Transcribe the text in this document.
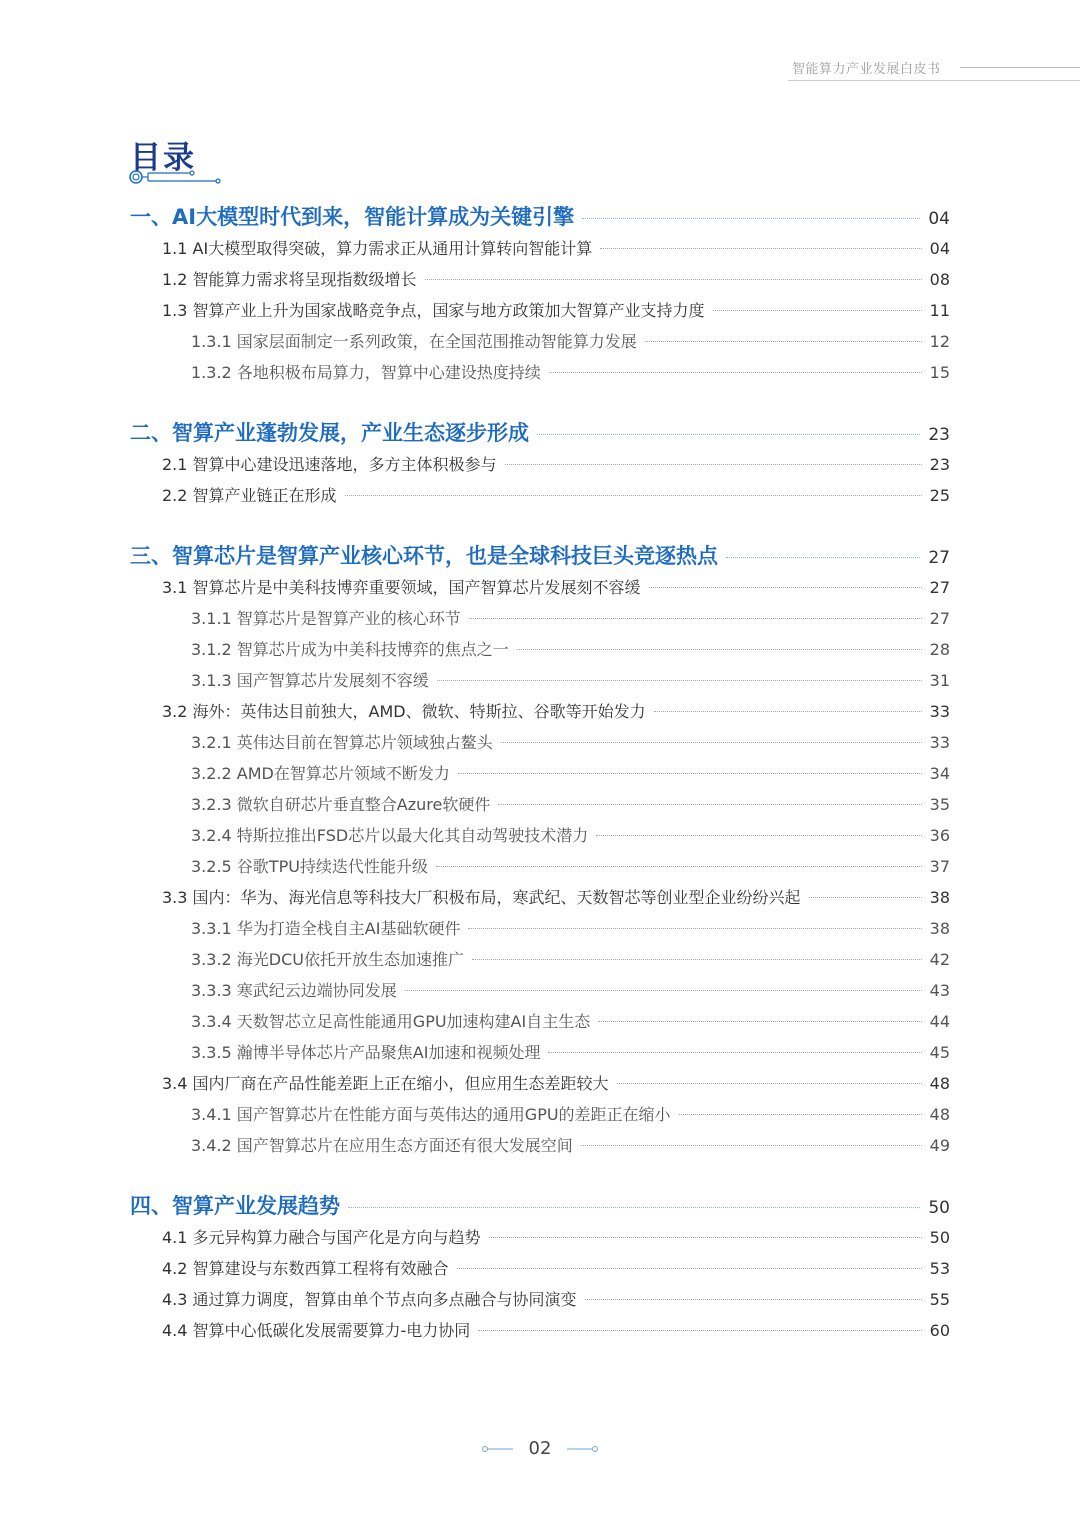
智能算力产业发展白皮书
目录
一、AI大模型时代到来，智能计算成为关键引擎	04
1.1 AI大模型取得突破，算力需求正从通用计算转向智能计算	04
1.2 智能算力需求将呈现指数级增长	08
1.3 智算产业上升为国家战略竞争点，国家与地方政策加大智算产业支持力度	11
1.3.1 国家层面制定一系列政策，在全国范围推动智能算力发展	12
1.3.2 各地积极布局算力，智算中心建设热度持续	15
二、智算产业蓬勃发展，产业生态逐步形成	23
2.1 智算中心建设迅速落地，多方主体积极参与	23
2.2 智算产业链正在形成	25
三、智算芯片是智算产业核心环节，也是全球科技巨头竞逐热点	27
3.1 智算芯片是中美科技博弈重要领域，国产智算芯片发展刻不容缓	27
3.1.1 智算芯片是智算产业的核心环节	27
3.1.2 智算芯片成为中美科技博弈的焦点之一	28
3.1.3 国产智算芯片发展刻不容缓	31
3.2 海外：英伟达目前独大，AMD、微软、特斯拉、谷歌等开始发力	33
3.2.1 英伟达目前在智算芯片领域独占鳌头	33
3.2.2 AMD在智算芯片领域不断发力	34
3.2.3 微软自研芯片垂直整合Azure软硬件	35
3.2.4 特斯拉推出FSD芯片以最大化其自动驾驶技术潜力	36
3.2.5 谷歌TPU持续迭代性能升级	37
3.3 国内：华为、海光信息等科技大厂积极布局，寒武纪、天数智芯等创业型企业纷纷兴起	38
3.3.1 华为打造全栈自主AI基础软硬件	38
3.3.2 海光DCU依托开放生态加速推广	42
3.3.3 寒武纪云边端协同发展	43
3.3.4 天数智芯立足高性能通用GPU加速构建AI自主生态	44
3.3.5 瀚博半导体芯片产品聚焦AI加速和视频处理	45
3.4 国内厂商在产品性能差距上正在缩小，但应用生态差距较大	48
3.4.1 国产智算芯片在性能方面与英伟达的通用GPU的差距正在缩小	48
3.4.2 国产智算芯片在应用生态方面还有很大发展空间	49
四、智算产业发展趋势	50
4.1 多元异构算力融合与国产化是方向与趋势	50
4.2 智算建设与东数西算工程将有效融合	53
4.3 通过算力调度，智算由单个节点向多点融合与协同演变	55
4.4 智算中心低碳化发展需要算力-电力协同	60
02
